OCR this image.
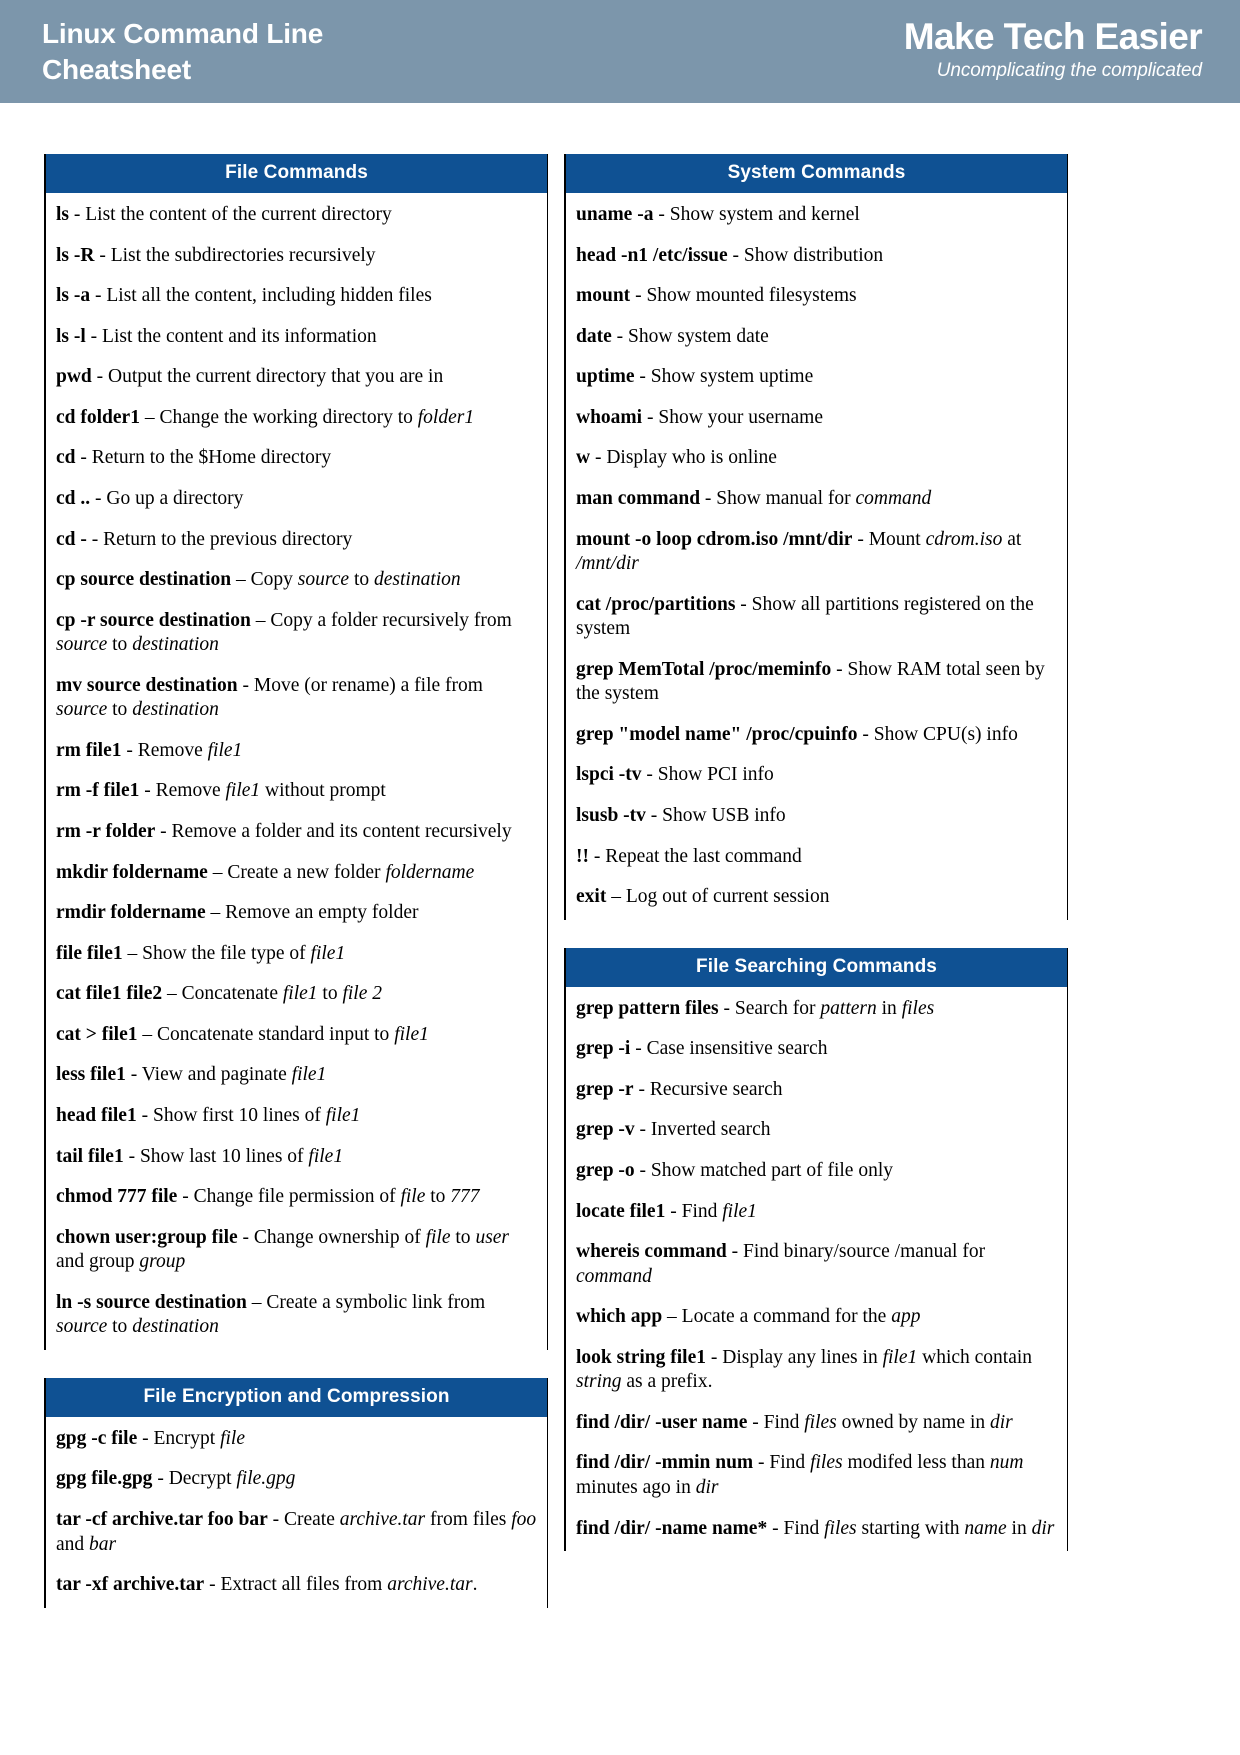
Linux Command Line
Cheatsheet
Make Tech Easier
Uncomplicating the complicated
File Commands

ls - List the content of the current directory

ls -R - List the subdirectories recursively

ls -a - List all the content, including hidden files

ls -l - List the content and its information

pwd - Output the current directory that you are in

cd folder1 – Change the working directory to folder1

cd - Return to the $Home directory

cd .. - Go up a directory

cd - - Return to the previous directory

cp source destination – Copy source to destination

cp -r source destination – Copy a folder recursively from source to destination

mv source destination - Move (or rename) a file from source to destination

rm file1 - Remove file1

rm -f file1 - Remove file1 without prompt

rm -r folder - Remove a folder and its content recursively

mkdir foldername – Create a new folder foldername

rmdir foldername – Remove an empty folder

file file1 – Show the file type of file1

cat file1 file2 – Concatenate file1 to file 2

cat > file1 – Concatenate standard input to file1

less file1 - View and paginate file1

head file1 - Show first 10 lines of file1

tail file1 - Show last 10 lines of file1

chmod 777 file - Change file permission of file to 777

chown user:group file - Change ownership of file to user and group group

ln -s source destination – Create a symbolic link from source to destination

File Encryption and Compression

gpg -c file - Encrypt file

gpg file.gpg - Decrypt file.gpg

tar -cf archive.tar foo bar - Create archive.tar from files foo and bar

tar -xf archive.tar - Extract all files from archive.tar.

System Commands

uname -a - Show system and kernel

head -n1 /etc/issue - Show distribution

mount - Show mounted filesystems

date - Show system date

uptime - Show system uptime

whoami - Show your username

w - Display who is online

man command - Show manual for command

mount -o loop cdrom.iso /mnt/dir - Mount cdrom.iso at /mnt/dir

cat /proc/partitions - Show all partitions registered on the system

grep MemTotal /proc/meminfo - Show RAM total seen by the system

grep "model name" /proc/cpuinfo - Show CPU(s) info

lspci -tv - Show PCI info

lsusb -tv - Show USB info

!! - Repeat the last command

exit – Log out of current session

File Searching Commands

grep pattern files - Search for pattern in files

grep -i - Case insensitive search

grep -r - Recursive search

grep -v - Inverted search

grep -o - Show matched part of file only

locate file1 - Find file1

whereis command - Find binary/source /manual for command

which app – Locate a command for the app

look string file1 - Display any lines in file1 which contain string as a prefix.

find /dir/ -user name - Find files owned by name in dir

find /dir/ -mmin num - Find files modifed less than num minutes ago in dir

find /dir/ -name name* - Find files starting with name in dir
